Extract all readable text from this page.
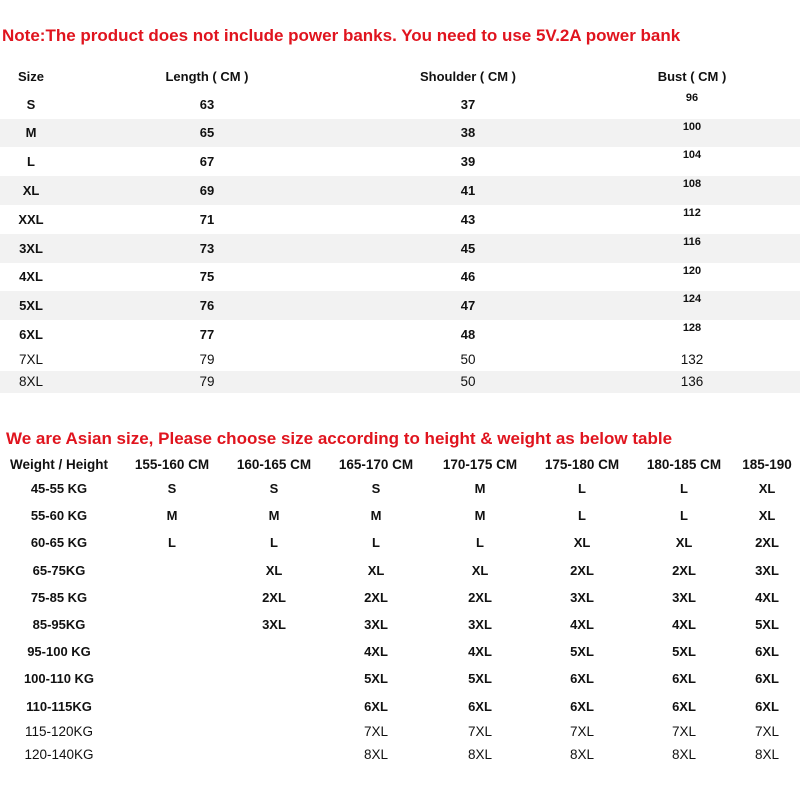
Note:The product does not include power banks. You need to use 5V.2A power bank
Size	Length ( CM )	Shoulder ( CM )	Bust ( CM )
S	63	37	96
M	65	38	100
L	67	39	104
XL	69	41	108
XXL	71	43	112
3XL	73	45	116
4XL	75	46	120
5XL	76	47	124
6XL	77	48	128
7XL	79	50	132
8XL	79	50	136
We are Asian size, Please choose size according to height & weight as below table
Weight / Height	155-160 CM	160-165 CM	165-170 CM	170-175 CM	175-180 CM	180-185 CM	185-190
45-55 KG	S	S	S	M	L	L	XL
55-60 KG	M	M	M	M	L	L	XL
60-65 KG	L	L	L	L	XL	XL	2XL
65-75KG		XL	XL	XL	2XL	2XL	3XL
75-85 KG		2XL	2XL	2XL	3XL	3XL	4XL
85-95KG		3XL	3XL	3XL	4XL	4XL	5XL
95-100 KG			4XL	4XL	5XL	5XL	6XL
100-110 KG			5XL	5XL	6XL	6XL	6XL
110-115KG			6XL	6XL	6XL	6XL	6XL
115-120KG			7XL	7XL	7XL	7XL	7XL
120-140KG			8XL	8XL	8XL	8XL	8XL
